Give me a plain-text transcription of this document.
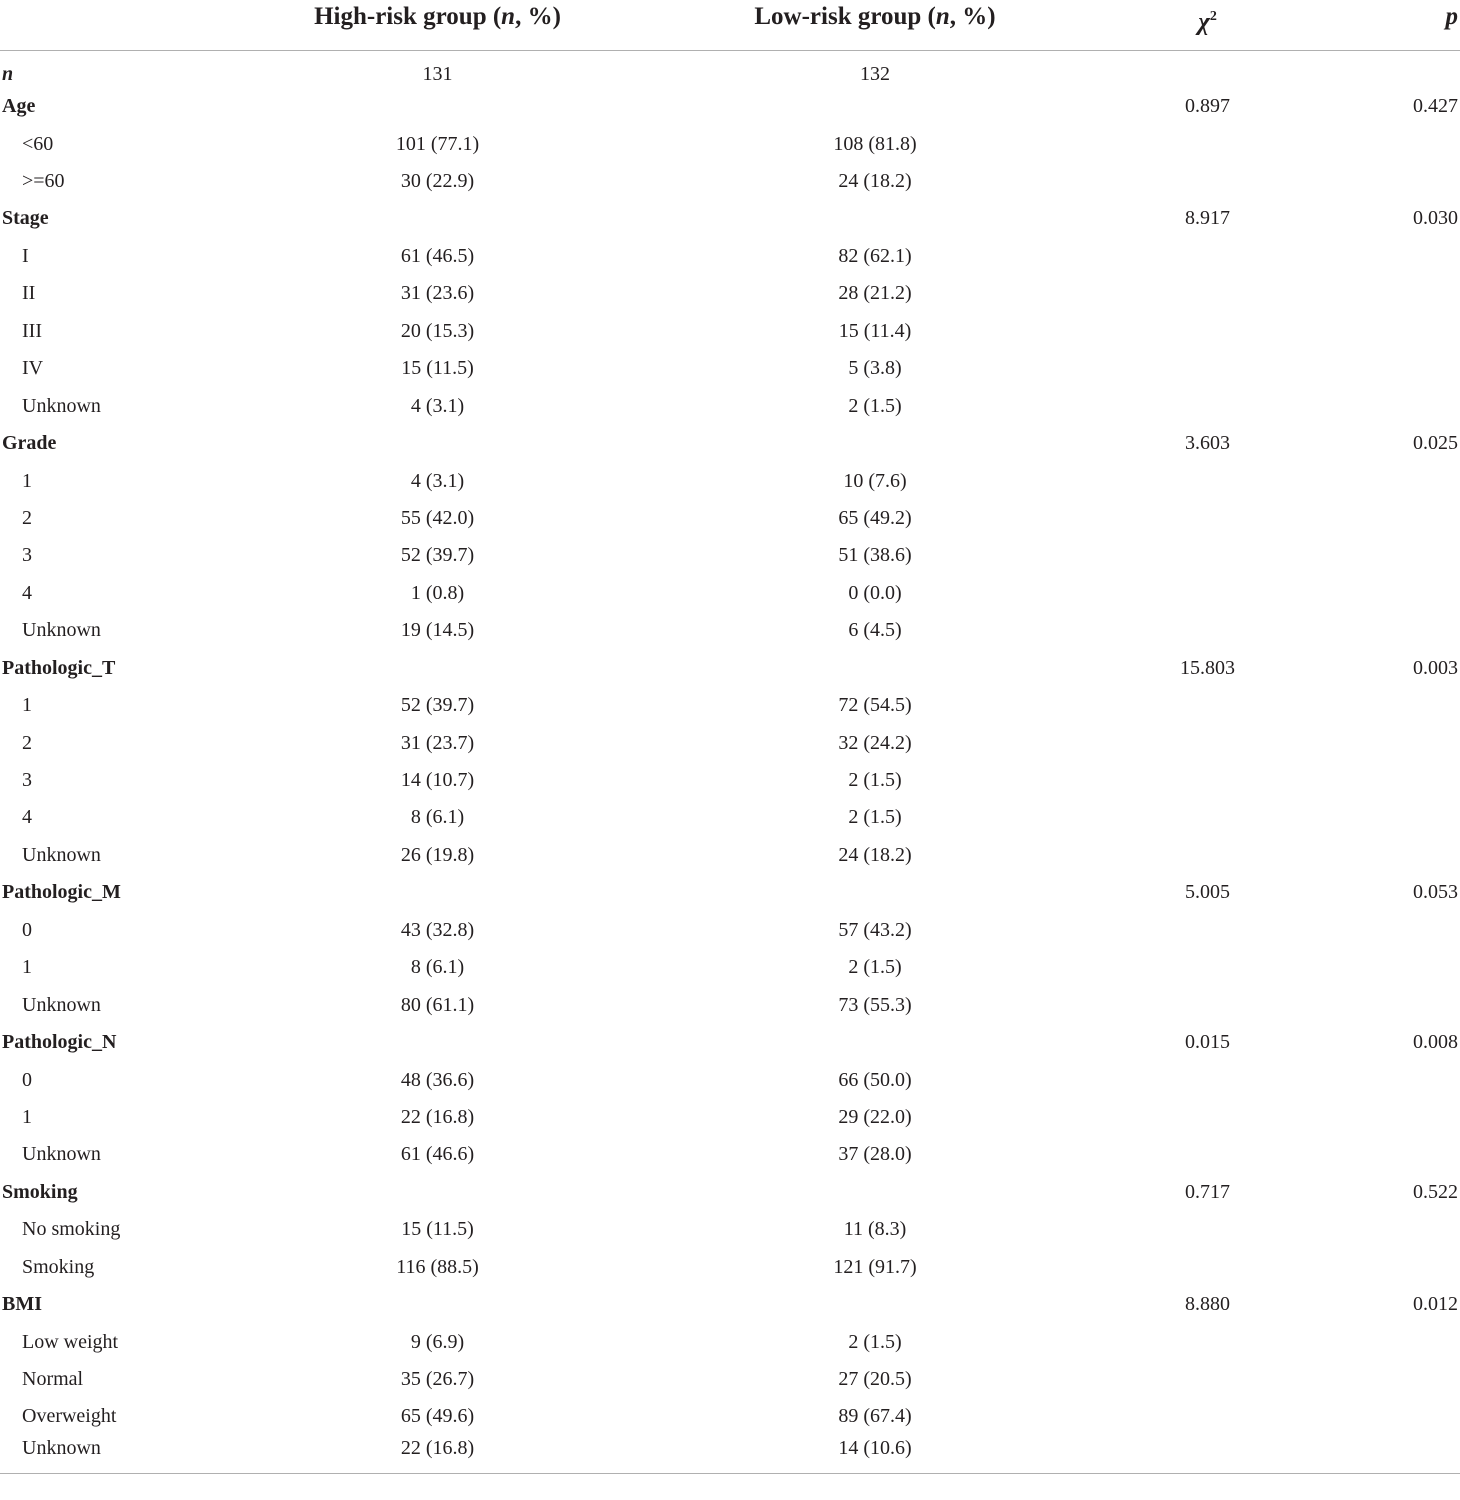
	High-risk group (n, %)	Low-risk group (n, %)	$\chi^2$	p
n	131	132		
Age			0.897	0.427
<60	101 (77.1)	108 (81.8)		
>=60	30 (22.9)	24 (18.2)		
Stage			8.917	0.030
I	61 (46.5)	82 (62.1)		
II	31 (23.6)	28 (21.2)		
III	20 (15.3)	15 (11.4)		
IV	15 (11.5)	5 (3.8)		
Unknown	4 (3.1)	2 (1.5)		
Grade			3.603	0.025
1	4 (3.1)	10 (7.6)		
2	55 (42.0)	65 (49.2)		
3	52 (39.7)	51 (38.6)		
4	1 (0.8)	0 (0.0)		
Unknown	19 (14.5)	6 (4.5)		
Pathologic_T			15.803	0.003
1	52 (39.7)	72 (54.5)		
2	31 (23.7)	32 (24.2)		
3	14 (10.7)	2 (1.5)		
4	8 (6.1)	2 (1.5)		
Unknown	26 (19.8)	24 (18.2)		
Pathologic_M			5.005	0.053
0	43 (32.8)	57 (43.2)		
1	8 (6.1)	2 (1.5)		
Unknown	80 (61.1)	73 (55.3)		
Pathologic_N			0.015	0.008
0	48 (36.6)	66 (50.0)		
1	22 (16.8)	29 (22.0)		
Unknown	61 (46.6)	37 (28.0)		
Smoking			0.717	0.522
No smoking	15 (11.5)	11 (8.3)		
Smoking	116 (88.5)	121 (91.7)		
BMI			8.880	0.012
Low weight	9 (6.9)	2 (1.5)		
Normal	35 (26.7)	27 (20.5)		
Overweight	65 (49.6)	89 (67.4)		
Unknown	22 (16.8)	14 (10.6)		
